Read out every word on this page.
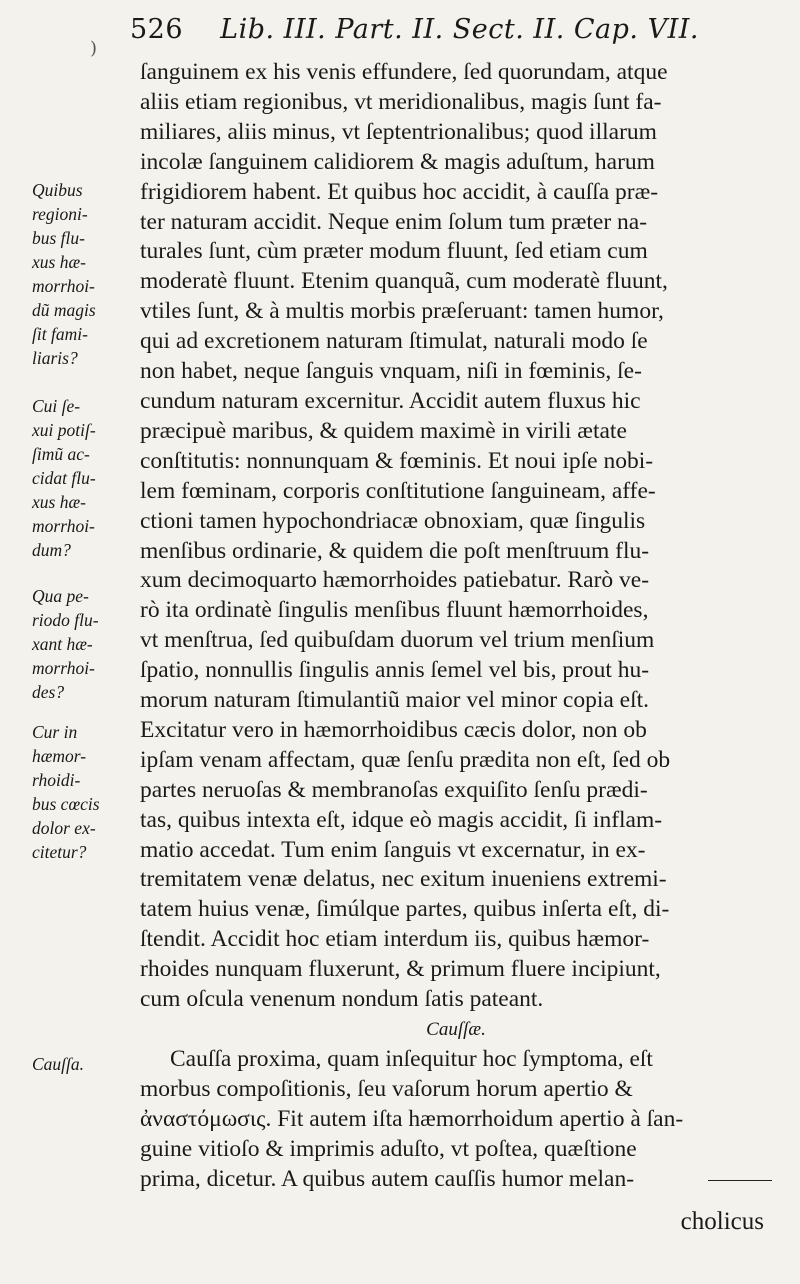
526 Lib. III. Part. II. Sect. II. Cap. VII.
)
ſanguinem ex his venis effundere, ſed quorundam, atque
aliis etiam regionibus, vt meridionalibus, magis ſunt fa-
miliares, aliis minus, vt ſeptentrionalibus; quod illarum
incolæ ſanguinem calidiorem & magis aduſtum, harum
frigidiorem habent. Et quibus hoc accidit, à cauſſa præ-
ter naturam accidit. Neque enim ſolum tum præter na-
turales ſunt, cùm præter modum fluunt, ſed etiam cum
moderatè fluunt. Etenim quanquã, cum moderatè fluunt,
vtiles ſunt, & à multis morbis præſeruant: tamen humor,
qui ad excretionem naturam ſtimulat, naturali modo ſe
non habet, neque ſanguis vnquam, niſi in fœminis, ſe-
cundum naturam excernitur. Accidit autem fluxus hic
præcipuè maribus, & quidem maximè in virili ætate
conſtitutis: nonnunquam & fœminis. Et noui ipſe nobi-
lem fœminam, corporis conſtitutione ſanguineam, affe-
ctioni tamen hypochondriacæ obnoxiam, quæ ſingulis
menſibus ordinarie, & quidem die poſt menſtruum flu-
xum decimoquarto hæmorrhoides patiebatur. Rarò ve-
rò ita ordinatè ſingulis menſibus fluunt hæmorrhoides,
vt menſtrua, ſed quibuſdam duorum vel trium menſium
ſpatio, nonnullis ſingulis annis ſemel vel bis, prout hu-
morum naturam ſtimulantiũ maior vel minor copia eſt.
Excitatur vero in hæmorrhoidibus cæcis dolor, non ob
ipſam venam affectam, quæ ſenſu prædita non eſt, ſed ob
partes neruoſas & membranoſas exquiſito ſenſu prædi-
tas, quibus intexta eſt, idque eò magis accidit, ſi inflam-
matio accedat. Tum enim ſanguis vt excernatur, in ex-
tremitatem venæ delatus, nec exitum inueniens extremi-
tatem huius venæ, ſimúlque partes, quibus inſerta eſt, di-
ſtendit. Accidit hoc etiam interdum iis, quibus hæmor-
rhoides nunquam fluxerunt, & primum fluere incipiunt,
cum oſcula venenum nondum ſatis pateant.
Cauſſæ.
Cauſſa proxima, quam inſequitur hoc ſymptoma, eſt
morbus compoſitionis, ſeu vaſorum horum apertio &
ἀναστόμωσις. Fit autem iſta hæmorrhoidum apertio à ſan-
guine vitioſo & imprimis aduſto, vt poſtea, quæſtione
prima, dicetur. A quibus autem cauſſis humor melan-
Quibus
regioni-
bus flu-
xus hæ-
morrhoi-
dũ magis
ſit fami-
liaris?
Cui ſe-
xui potiſ-
ſimũ ac-
cidat flu-
xus hæ-
morrhoi-
dum?
Qua pe-
riodo flu-
xant hæ-
morrhoi-
des?
Cur in
hæmor-
rhoidi-
bus cœcis
dolor ex-
citetur?
Cauſſa.
cholicus
